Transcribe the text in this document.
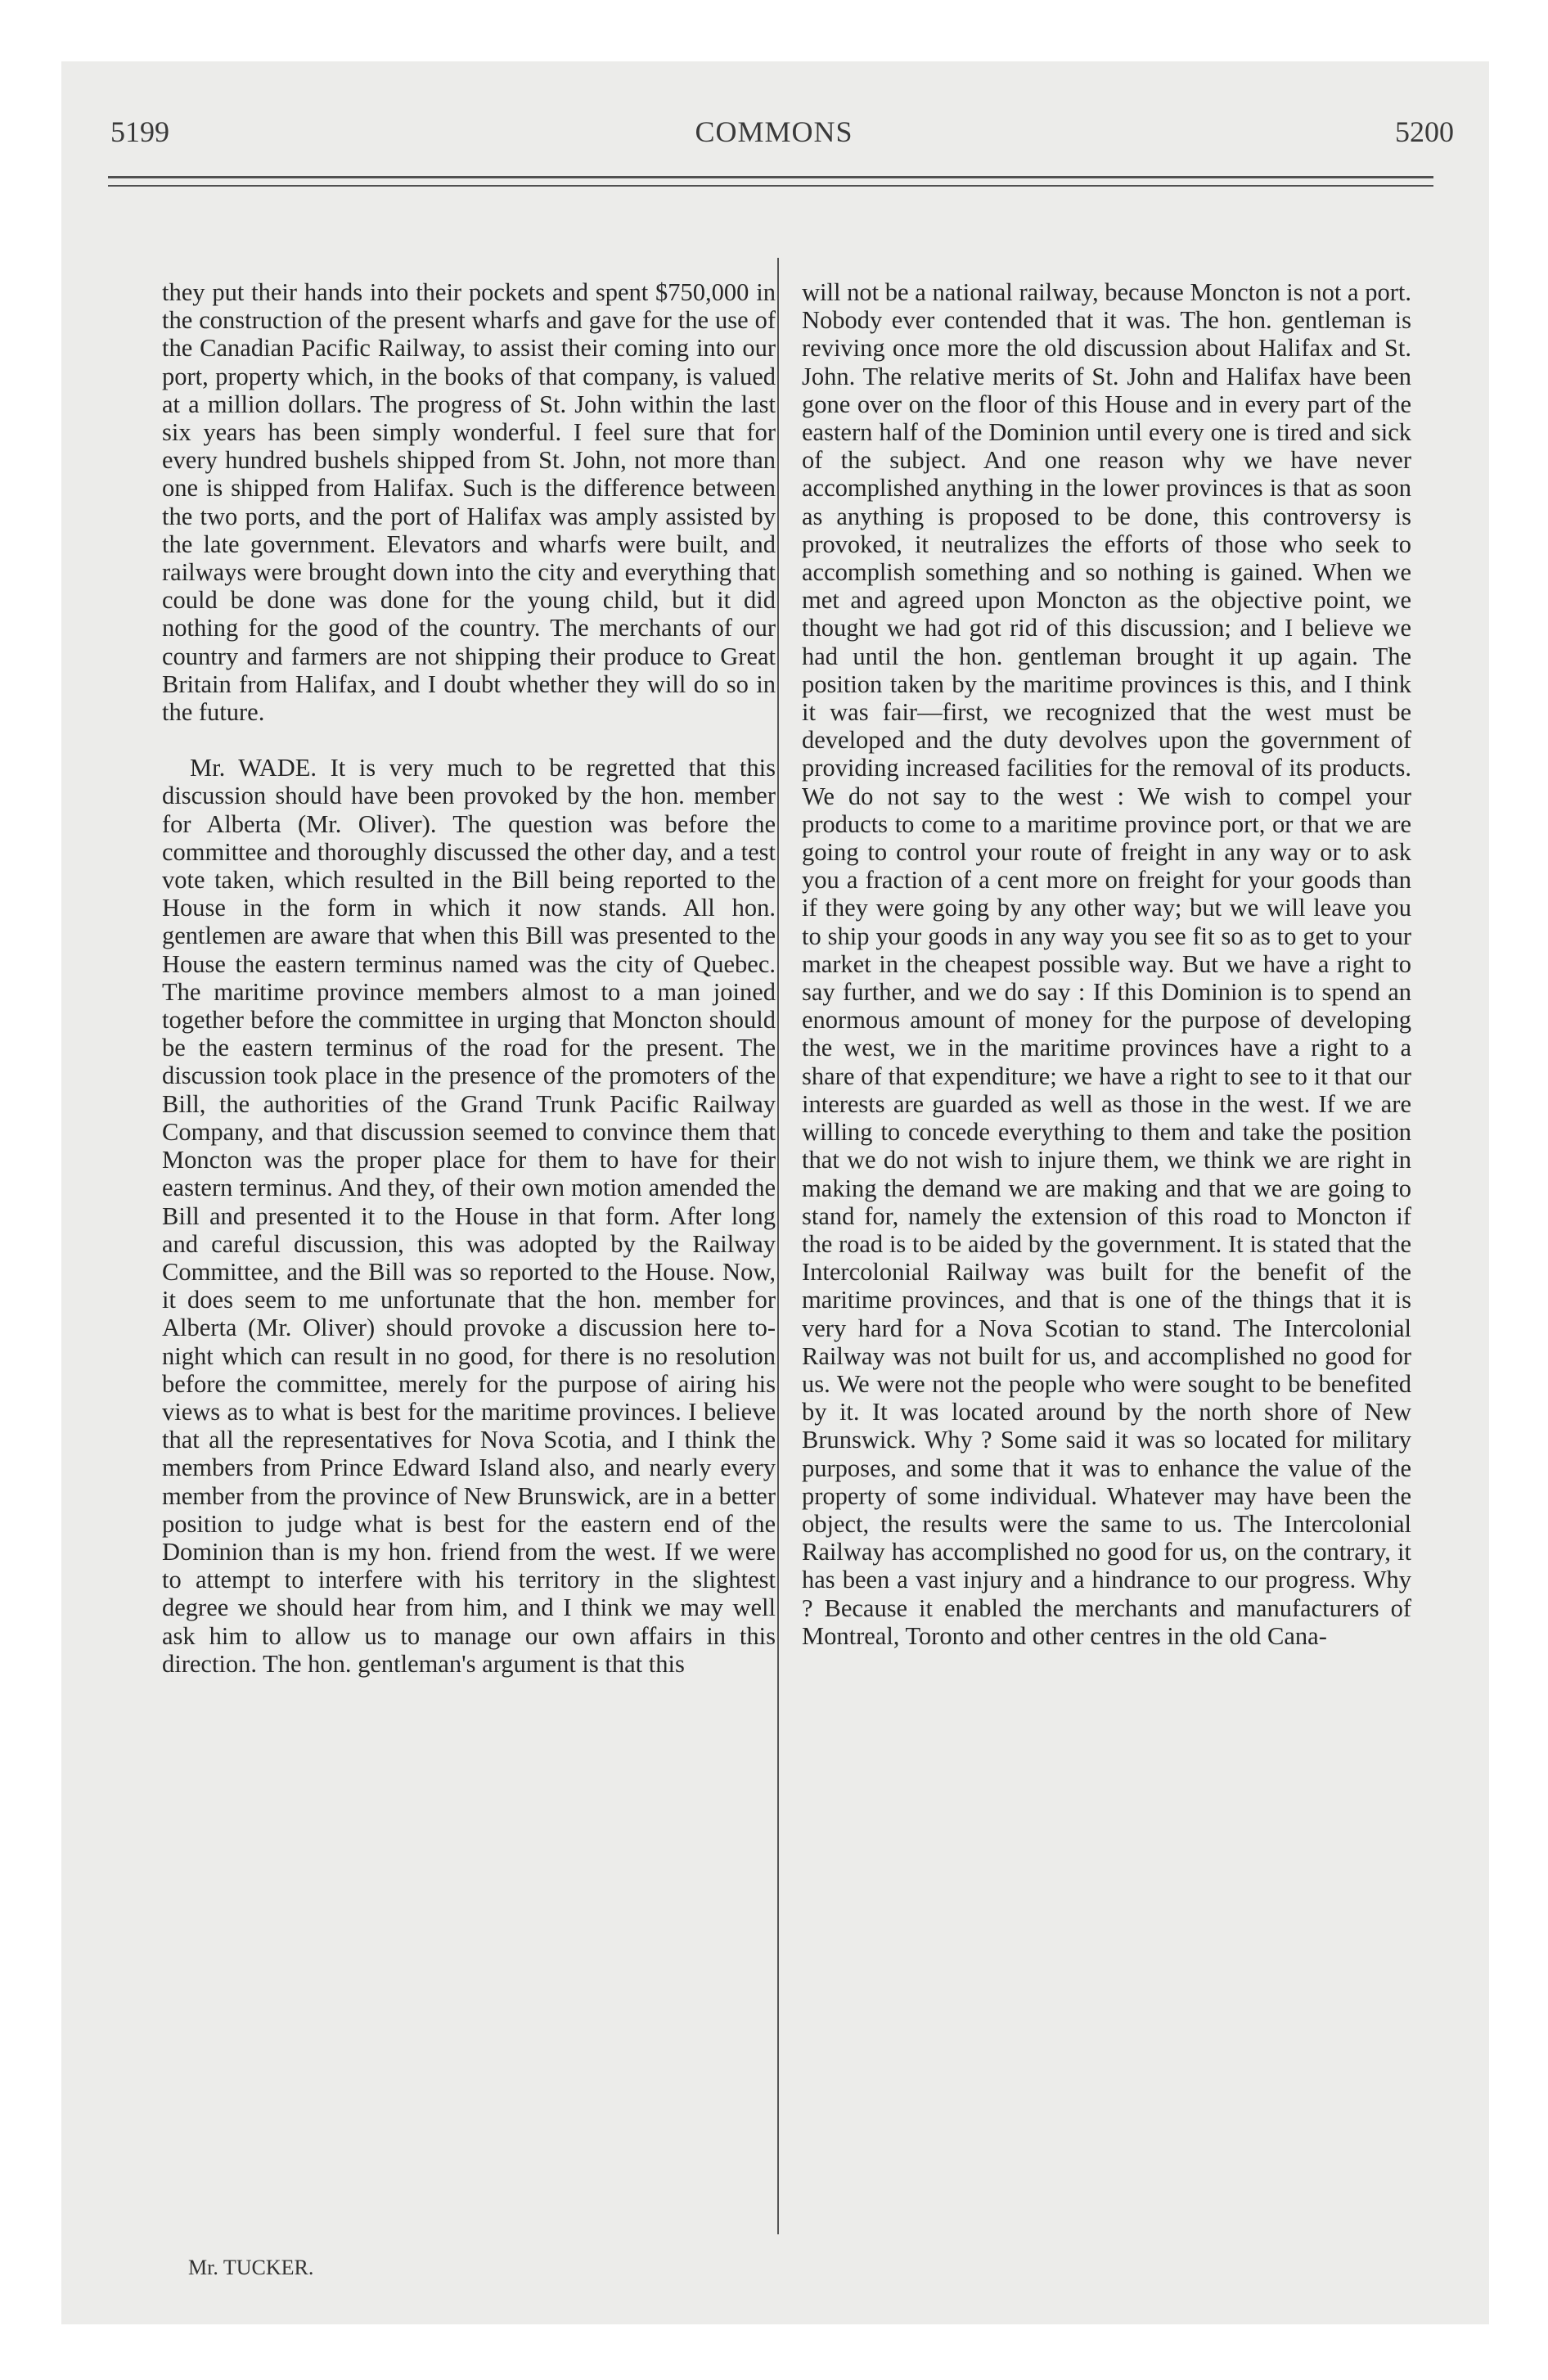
5199	COMMONS	5200

they put their hands into their pockets and spent $750,000 in the construction of the present wharfs and gave for the use of the Canadian Pacific Railway, to assist their coming into our port, property which, in the books of that company, is valued at a million dollars. The progress of St. John within the last six years has been simply wonderful. I feel sure that for every hundred bushels shipped from St. John, not more than one is shipped from Halifax. Such is the difference between the two ports, and the port of Halifax was amply assisted by the late government. Elevators and wharfs were built, and railways were brought down into the city and everything that could be done was done for the young child, but it did nothing for the good of the country. The merchants of our country and farmers are not shipping their produce to Great Britain from Halifax, and I doubt whether they will do so in the future.

Mr. WADE. It is very much to be regretted that this discussion should have been provoked by the hon. member for Alberta (Mr. Oliver). The question was before the committee and thoroughly discussed the other day, and a test vote taken, which resulted in the Bill being reported to the House in the form in which it now stands. All hon. gentlemen are aware that when this Bill was presented to the House the eastern terminus named was the city of Quebec. The maritime province members almost to a man joined together before the committee in urging that Moncton should be the eastern terminus of the road for the present. The discussion took place in the presence of the promoters of the Bill, the authorities of the Grand Trunk Pacific Railway Company, and that discussion seemed to convince them that Moncton was the proper place for them to have for their eastern terminus. And they, of their own motion amended the Bill and presented it to the House in that form. After long and careful discussion, this was adopted by the Railway Committee, and the Bill was so reported to the House. Now, it does seem to me unfortunate that the hon. member for Alberta (Mr. Oliver) should provoke a discussion here to-night which can result in no good, for there is no resolution before the committee, merely for the purpose of airing his views as to what is best for the maritime provinces. I believe that all the representatives for Nova Scotia, and I think the members from Prince Edward Island also, and nearly every member from the province of New Brunswick, are in a better position to judge what is best for the eastern end of the Dominion than is my hon. friend from the west. If we were to attempt to interfere with his territory in the slightest degree we should hear from him, and I think we may well ask him to allow us to manage our own affairs in this direction. The hon. gentleman's argument is that this

will not be a national railway, because Moncton is not a port. Nobody ever contended that it was. The hon. gentleman is reviving once more the old discussion about Halifax and St. John. The relative merits of St. John and Halifax have been gone over on the floor of this House and in every part of the eastern half of the Dominion until every one is tired and sick of the subject. And one reason why we have never accomplished anything in the lower provinces is that as soon as anything is proposed to be done, this controversy is provoked, it neutralizes the efforts of those who seek to accomplish something and so nothing is gained. When we met and agreed upon Moncton as the objective point, we thought we had got rid of this discussion; and I believe we had until the hon. gentleman brought it up again. The position taken by the maritime provinces is this, and I think it was fair—first, we recognized that the west must be developed and the duty devolves upon the government of providing increased facilities for the removal of its products. We do not say to the west : We wish to compel your products to come to a maritime province port, or that we are going to control your route of freight in any way or to ask you a fraction of a cent more on freight for your goods than if they were going by any other way; but we will leave you to ship your goods in any way you see fit so as to get to your market in the cheapest possible way. But we have a right to say further, and we do say : If this Dominion is to spend an enormous amount of money for the purpose of developing the west, we in the maritime provinces have a right to a share of that expenditure; we have a right to see to it that our interests are guarded as well as those in the west. If we are willing to concede everything to them and take the position that we do not wish to injure them, we think we are right in making the demand we are making and that we are going to stand for, namely the extension of this road to Moncton if the road is to be aided by the government. It is stated that the Intercolonial Railway was built for the benefit of the maritime provinces, and that is one of the things that it is very hard for a Nova Scotian to stand. The Intercolonial Railway was not built for us, and accomplished no good for us. We were not the people who were sought to be benefited by it. It was located around by the north shore of New Brunswick. Why ? Some said it was so located for military purposes, and some that it was to enhance the value of the property of some individual. Whatever may have been the object, the results were the same to us. The Intercolonial Railway has accomplished no good for us, on the contrary, it has been a vast injury and a hindrance to our progress. Why ? Because it enabled the merchants and manufacturers of Montreal, Toronto and other centres in the old Cana-

Mr. TUCKER.
